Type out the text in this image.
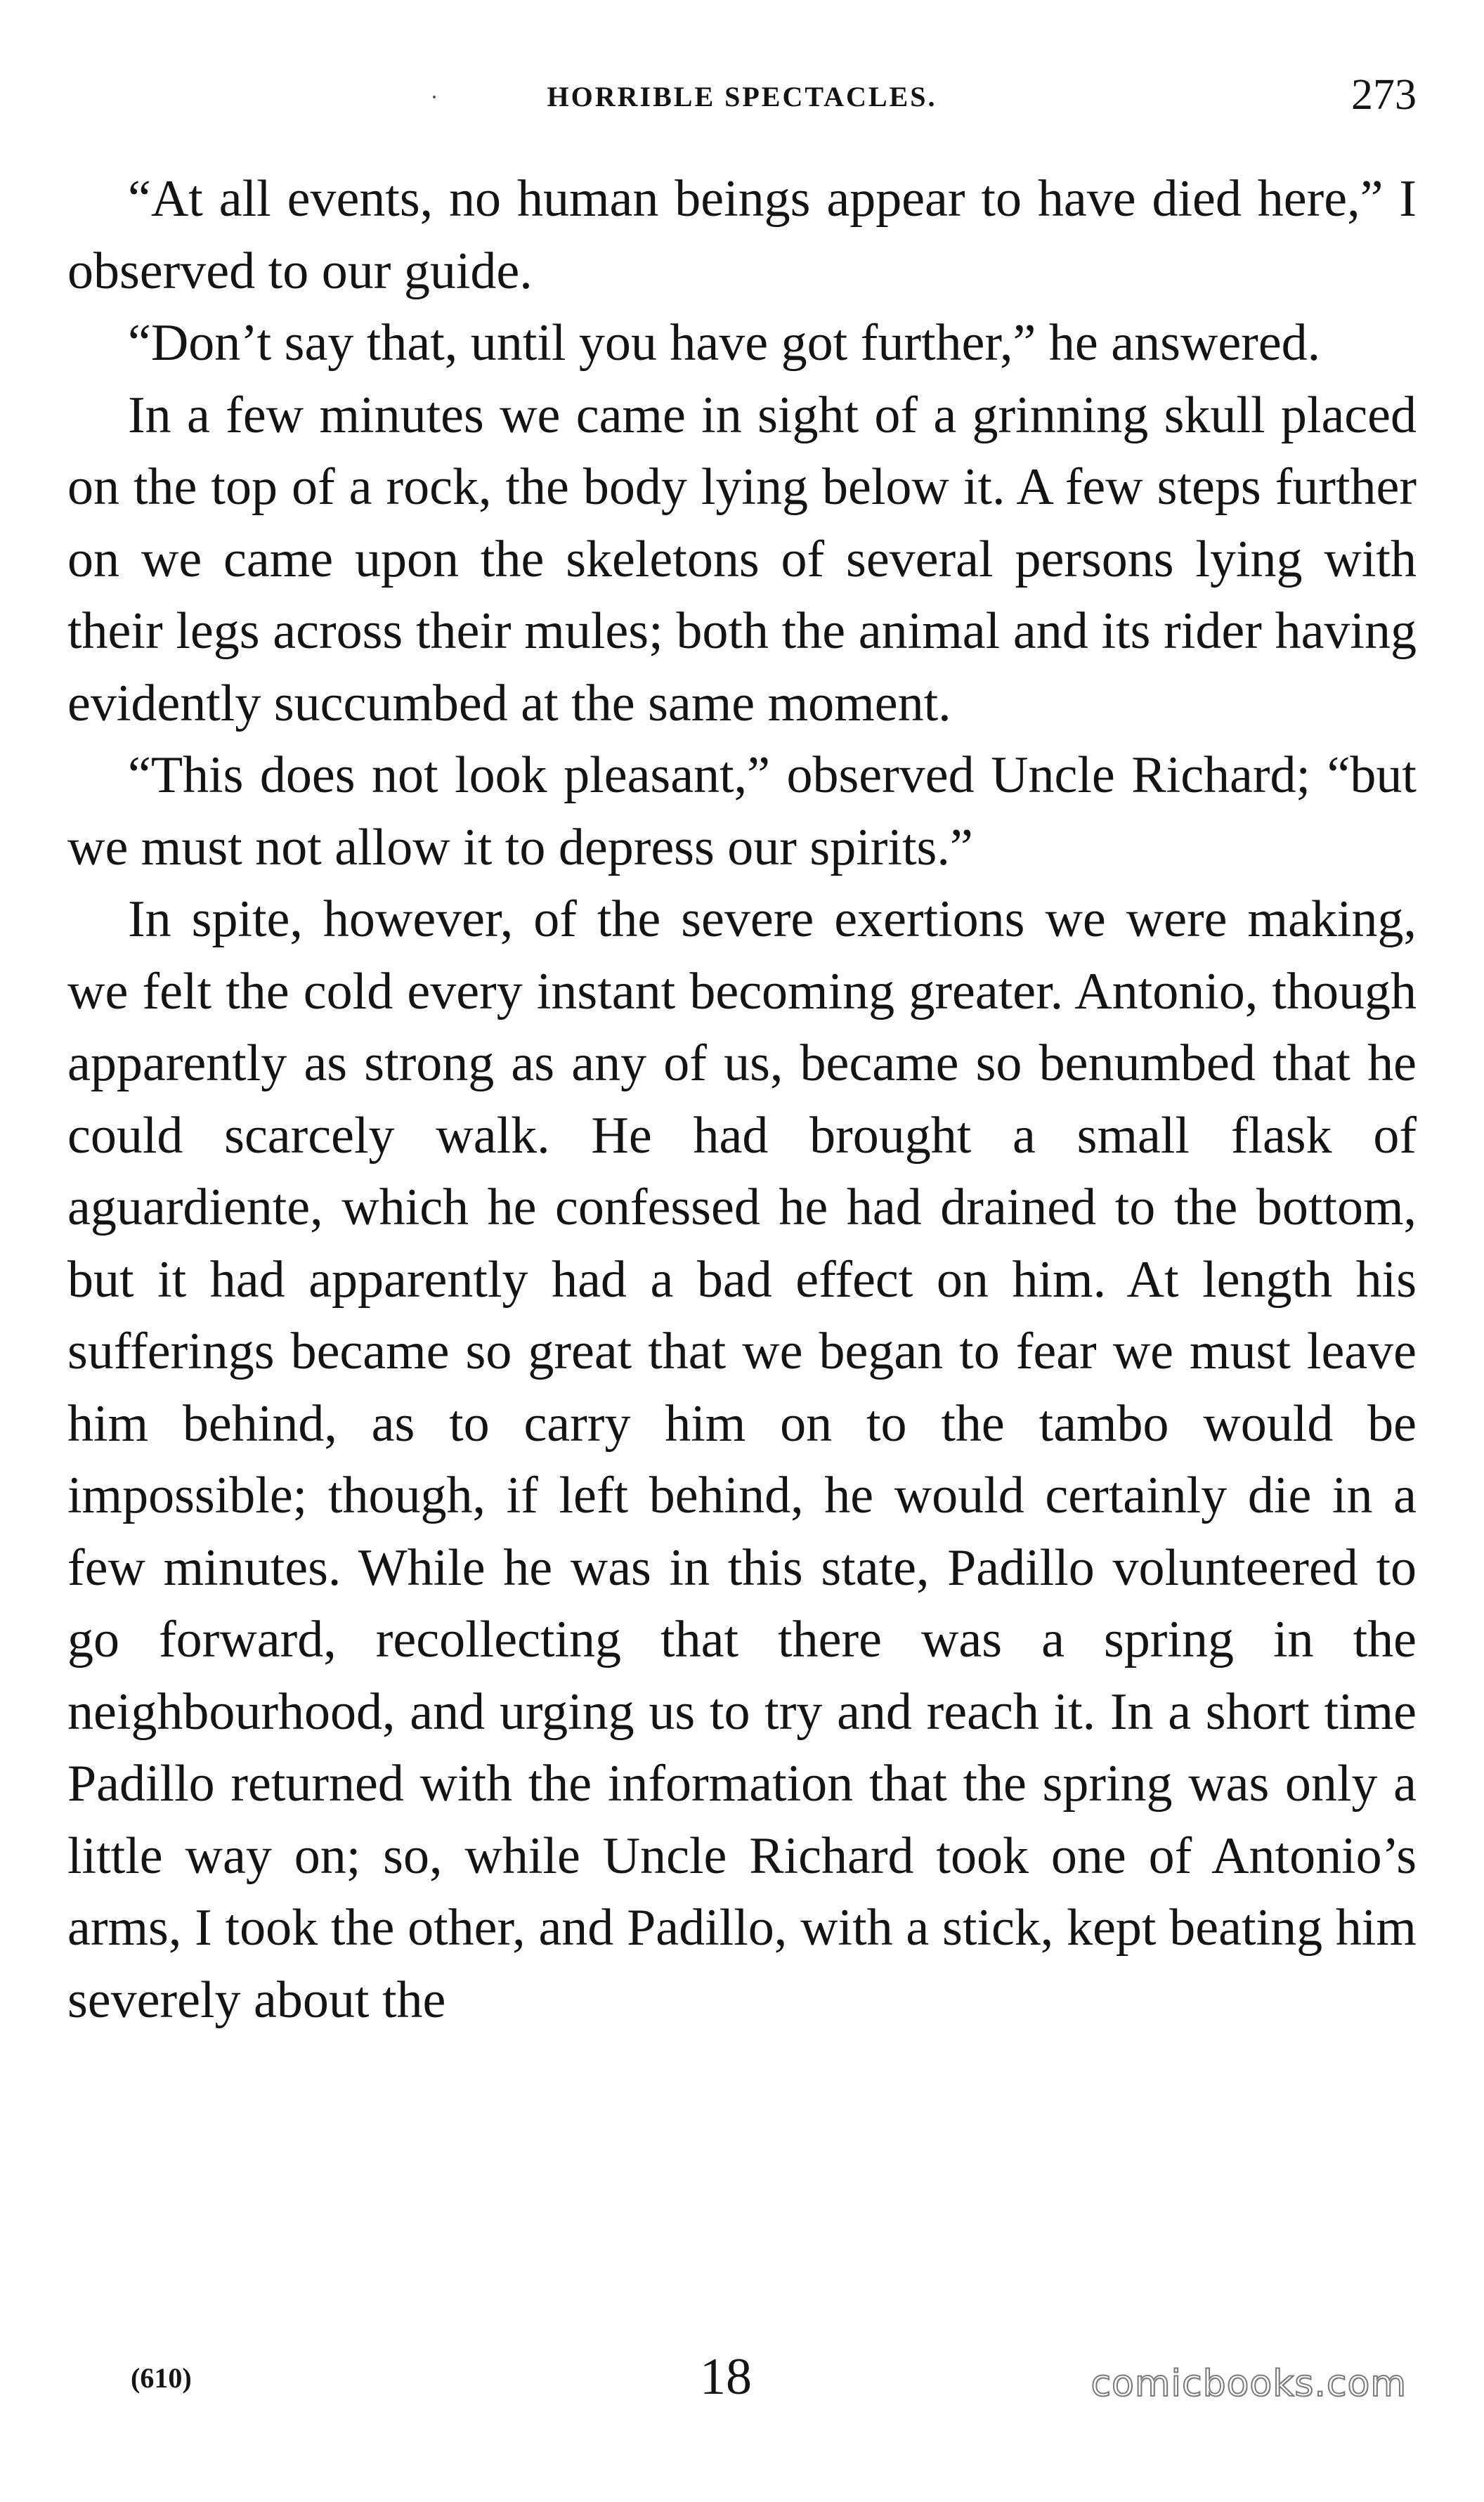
HORRIBLE SPECTACLES.	273

“At all events, no human beings appear to have died here,” I observed to our guide.

“Don’t say that, until you have got further,” he answered.

In a few minutes we came in sight of a grinning skull placed on the top of a rock, the body lying below it. A few steps further on we came upon the skeletons of several persons lying with their legs across their mules; both the animal and its rider having evidently succumbed at the same moment.

“This does not look pleasant,” observed Uncle Richard; “but we must not allow it to depress our spirits.”

In spite, however, of the severe exertions we were making, we felt the cold every instant becoming greater. Antonio, though apparently as strong as any of us, became so benumbed that he could scarcely walk. He had brought a small flask of aguardiente, which he confessed he had drained to the bottom, but it had apparently had a bad effect on him. At length his sufferings became so great that we began to fear we must leave him behind, as to carry him on to the tambo would be impossible; though, if left behind, he would certainly die in a few minutes. While he was in this state, Padillo volunteered to go forward, recollecting that there was a spring in the neighbourhood, and urging us to try and reach it. In a short time Padillo returned with the information that the spring was only a little way on; so, while Uncle Richard took one of Antonio’s arms, I took the other, and Padillo, with a stick, kept beating him severely about the

(610)	18	comicbooks.com
